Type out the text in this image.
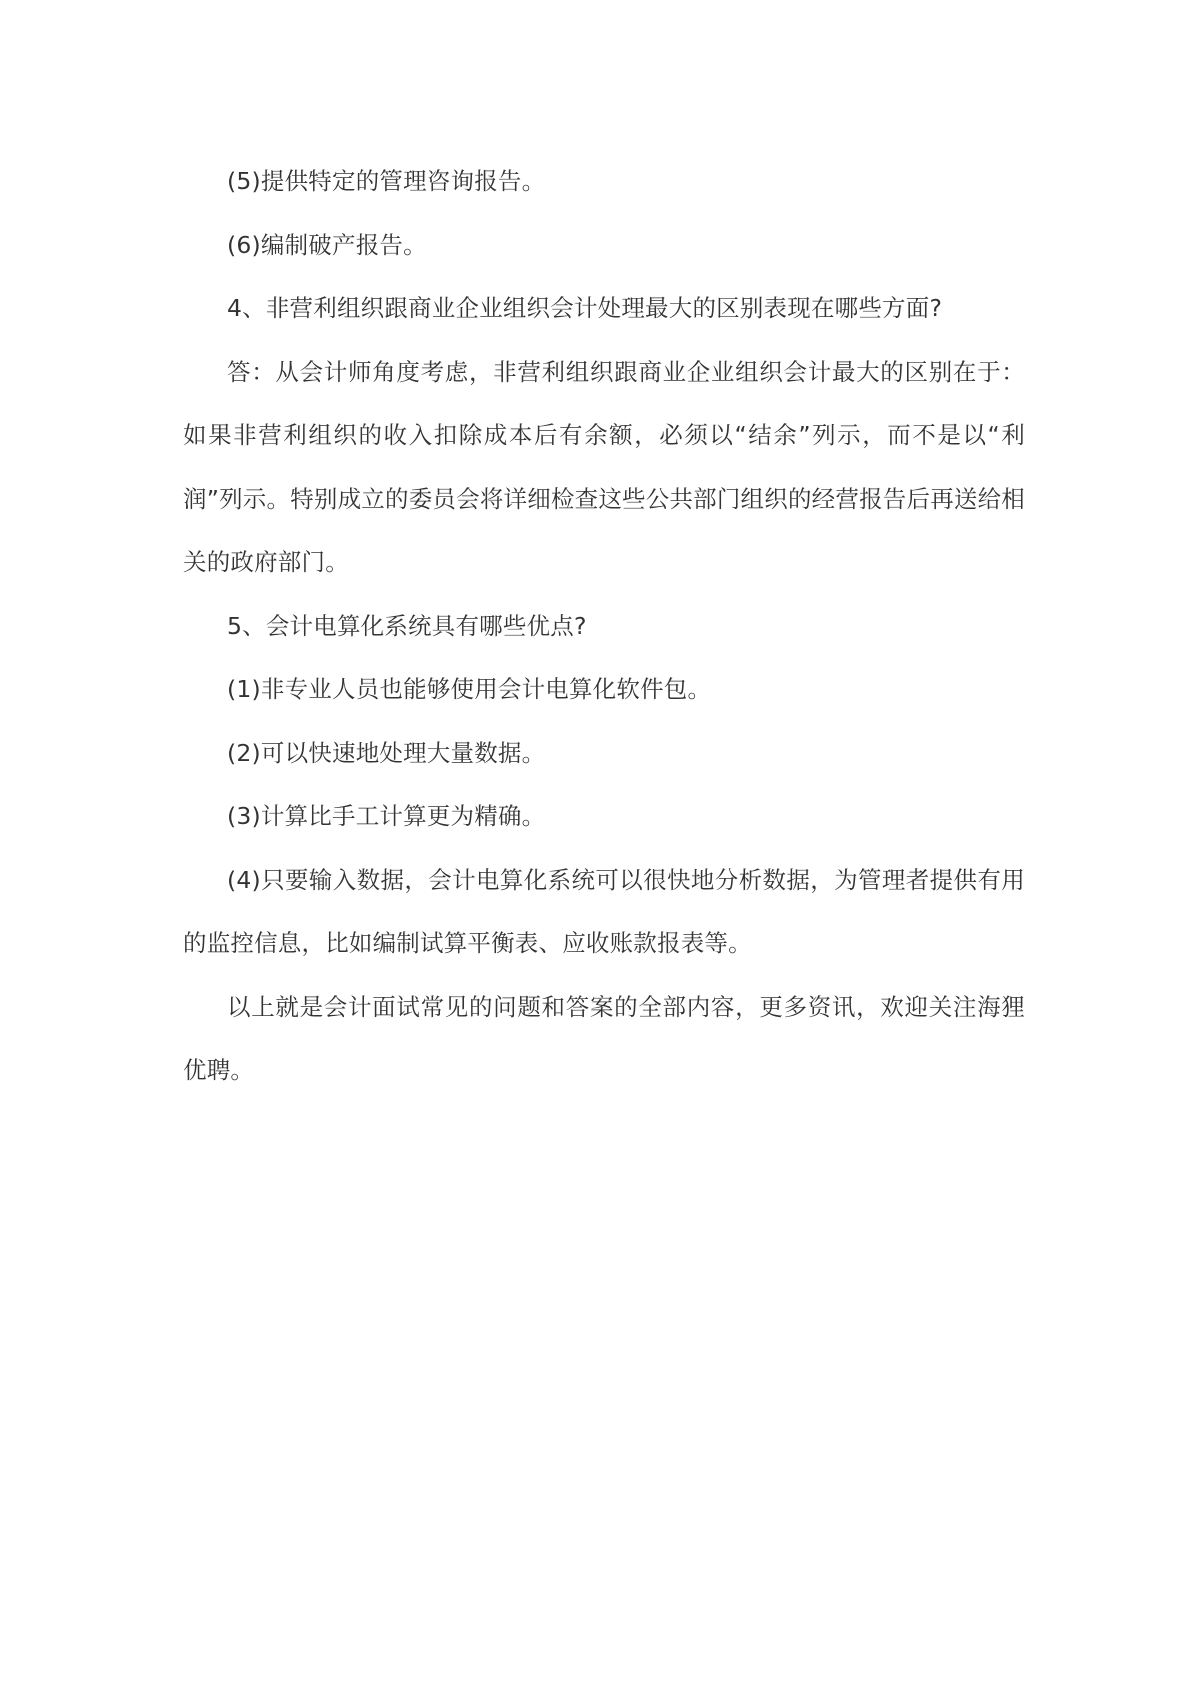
(5)提供特定的管理咨询报告。

(6)编制破产报告。

4、非营利组织跟商业企业组织会计处理最大的区别表现在哪些方面?

答：从会计师角度考虑，非营利组织跟商业企业组织会计最大的区别在于：如果非营利组织的收入扣除成本后有余额，必须以“结余”列示，而不是以“利润”列示。特别成立的委员会将详细检查这些公共部门组织的经营报告后再送给相关的政府部门。

5、会计电算化系统具有哪些优点?

(1)非专业人员也能够使用会计电算化软件包。

(2)可以快速地处理大量数据。

(3)计算比手工计算更为精确。

(4)只要输入数据，会计电算化系统可以很快地分析数据，为管理者提供有用的监控信息，比如编制试算平衡表、应收账款报表等。

以上就是会计面试常见的问题和答案的全部内容，更多资讯，欢迎关注海狸优聘。
